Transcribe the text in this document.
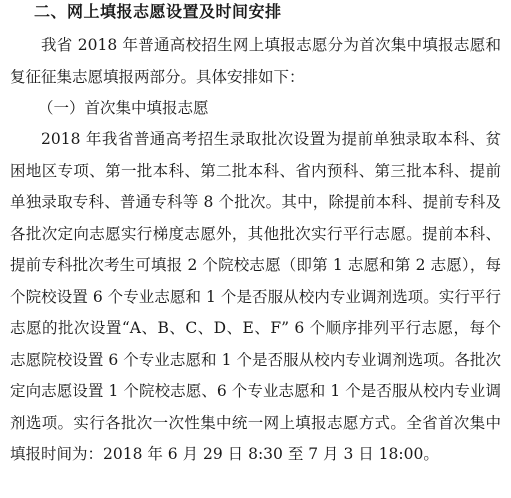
二、网上填报志愿设置及时间安排

我省 2018 年普通高校招生网上填报志愿分为首次集中填报志愿和复征征集志愿填报两部分。具体安排如下：

（一）首次集中填报志愿

2018 年我省普通高考招生录取批次设置为提前单独录取本科、贫困地区专项、第一批本科、第二批本科、省内预科、第三批本科、提前单独录取专科、普通专科等 8 个批次。其中，除提前本科、提前专科及各批次定向志愿实行梯度志愿外，其他批次实行平行志愿。提前本科、提前专科批次考生可填报 2 个院校志愿（即第 1 志愿和第 2 志愿），每个院校设置 6 个专业志愿和 1 个是否服从校内专业调剂选项。实行平行志愿的批次设置“A、B、C、D、E、F” 6 个顺序排列平行志愿，每个志愿院校设置 6 个专业志愿和 1 个是否服从校内专业调剂选项。各批次定向志愿设置 1 个院校志愿、6 个专业志愿和 1 个是否服从校内专业调剂选项。实行各批次一次性集中统一网上填报志愿方式。全省首次集中填报时间为：2018 年 6 月 29 日 8:30 至 7 月 3 日 18:00。
